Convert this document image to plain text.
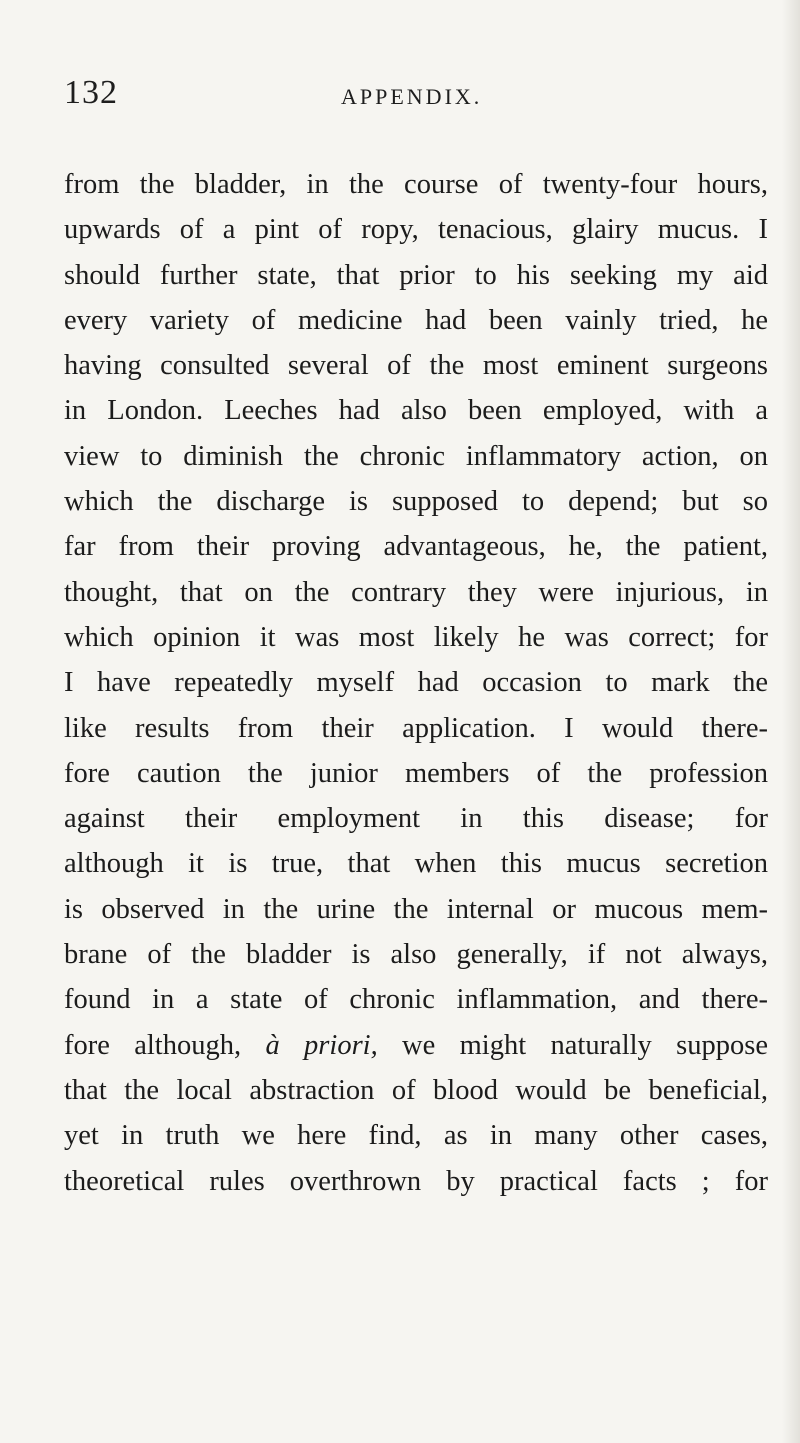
132	APPENDIX.
from the bladder, in the course of twenty-four hours,
upwards of a pint of ropy, tenacious, glairy mucus. I
should further state, that prior to his seeking my aid
every variety of medicine had been vainly tried, he
having consulted several of the most eminent surgeons
in London. Leeches had also been employed, with a
view to diminish the chronic inflammatory action, on
which the discharge is supposed to depend; but so
far from their proving advantageous, he, the patient,
thought, that on the contrary they were injurious, in
which opinion it was most likely he was correct; for
I have repeatedly myself had occasion to mark the
like results from their application. I would there-
fore caution the junior members of the profession
against their employment in this disease; for
although it is true, that when this mucus secretion
is observed in the urine the internal or mucous mem-
brane of the bladder is also generally, if not always,
found in a state of chronic inflammation, and there-
fore although, à priori, we might naturally suppose
that the local abstraction of blood would be beneficial,
yet in truth we here find, as in many other cases,
theoretical rules overthrown by practical facts ; for
